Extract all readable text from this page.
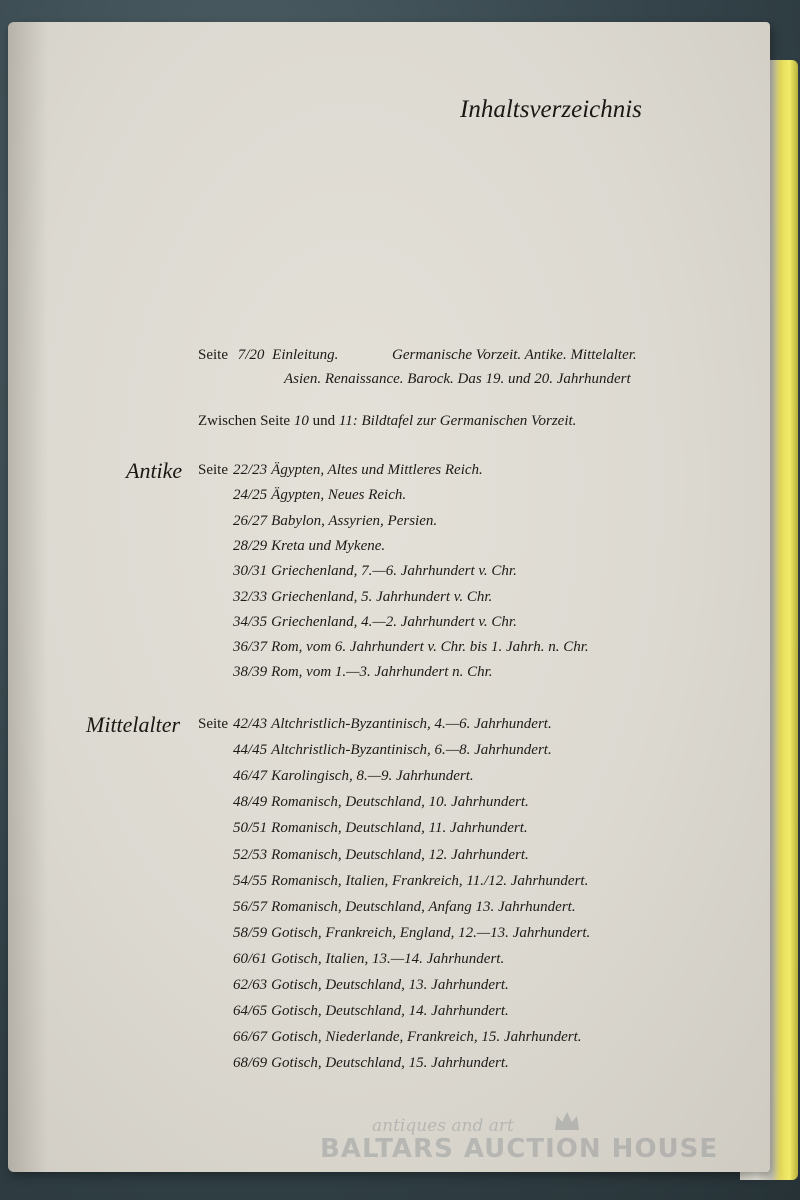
Inhaltsverzeichnis
Seite 7/20 Einleitung.	Germanische Vorzeit. Antike. Mittelalter.
Asien. Renaissance. Barock. Das 19. und 20. Jahrhundert
Zwischen Seite 10 und 11: Bildtafel zur Germanischen Vorzeit.
Antike Seite 22/23 Ägypten, Altes und Mittleres Reich.
24/25 Ägypten, Neues Reich.
26/27 Babylon, Assyrien, Persien.
28/29 Kreta und Mykene.
30/31 Griechenland, 7.—6. Jahrhundert v. Chr.
32/33 Griechenland, 5. Jahrhundert v. Chr.
34/35 Griechenland, 4.—2. Jahrhundert v. Chr.
36/37 Rom, vom 6. Jahrhundert v. Chr. bis 1. Jahrh. n. Chr.
38/39 Rom, vom 1.—3. Jahrhundert n. Chr.
Mittelalter Seite 42/43 Altchristlich-Byzantinisch, 4.—6. Jahrhundert.
44/45 Altchristlich-Byzantinisch, 6.—8. Jahrhundert.
46/47 Karolingisch, 8.—9. Jahrhundert.
48/49 Romanisch, Deutschland, 10. Jahrhundert.
50/51 Romanisch, Deutschland, 11. Jahrhundert.
52/53 Romanisch, Deutschland, 12. Jahrhundert.
54/55 Romanisch, Italien, Frankreich, 11./12. Jahrhundert.
56/57 Romanisch, Deutschland, Anfang 13. Jahrhundert.
58/59 Gotisch, Frankreich, England, 12.—13. Jahrhundert.
60/61 Gotisch, Italien, 13.—14. Jahrhundert.
62/63 Gotisch, Deutschland, 13. Jahrhundert.
64/65 Gotisch, Deutschland, 14. Jahrhundert.
66/67 Gotisch, Niederlande, Frankreich, 15. Jahrhundert.
68/69 Gotisch, Deutschland, 15. Jahrhundert.
antiques and art
BALTARS AUCTION HOUSE
